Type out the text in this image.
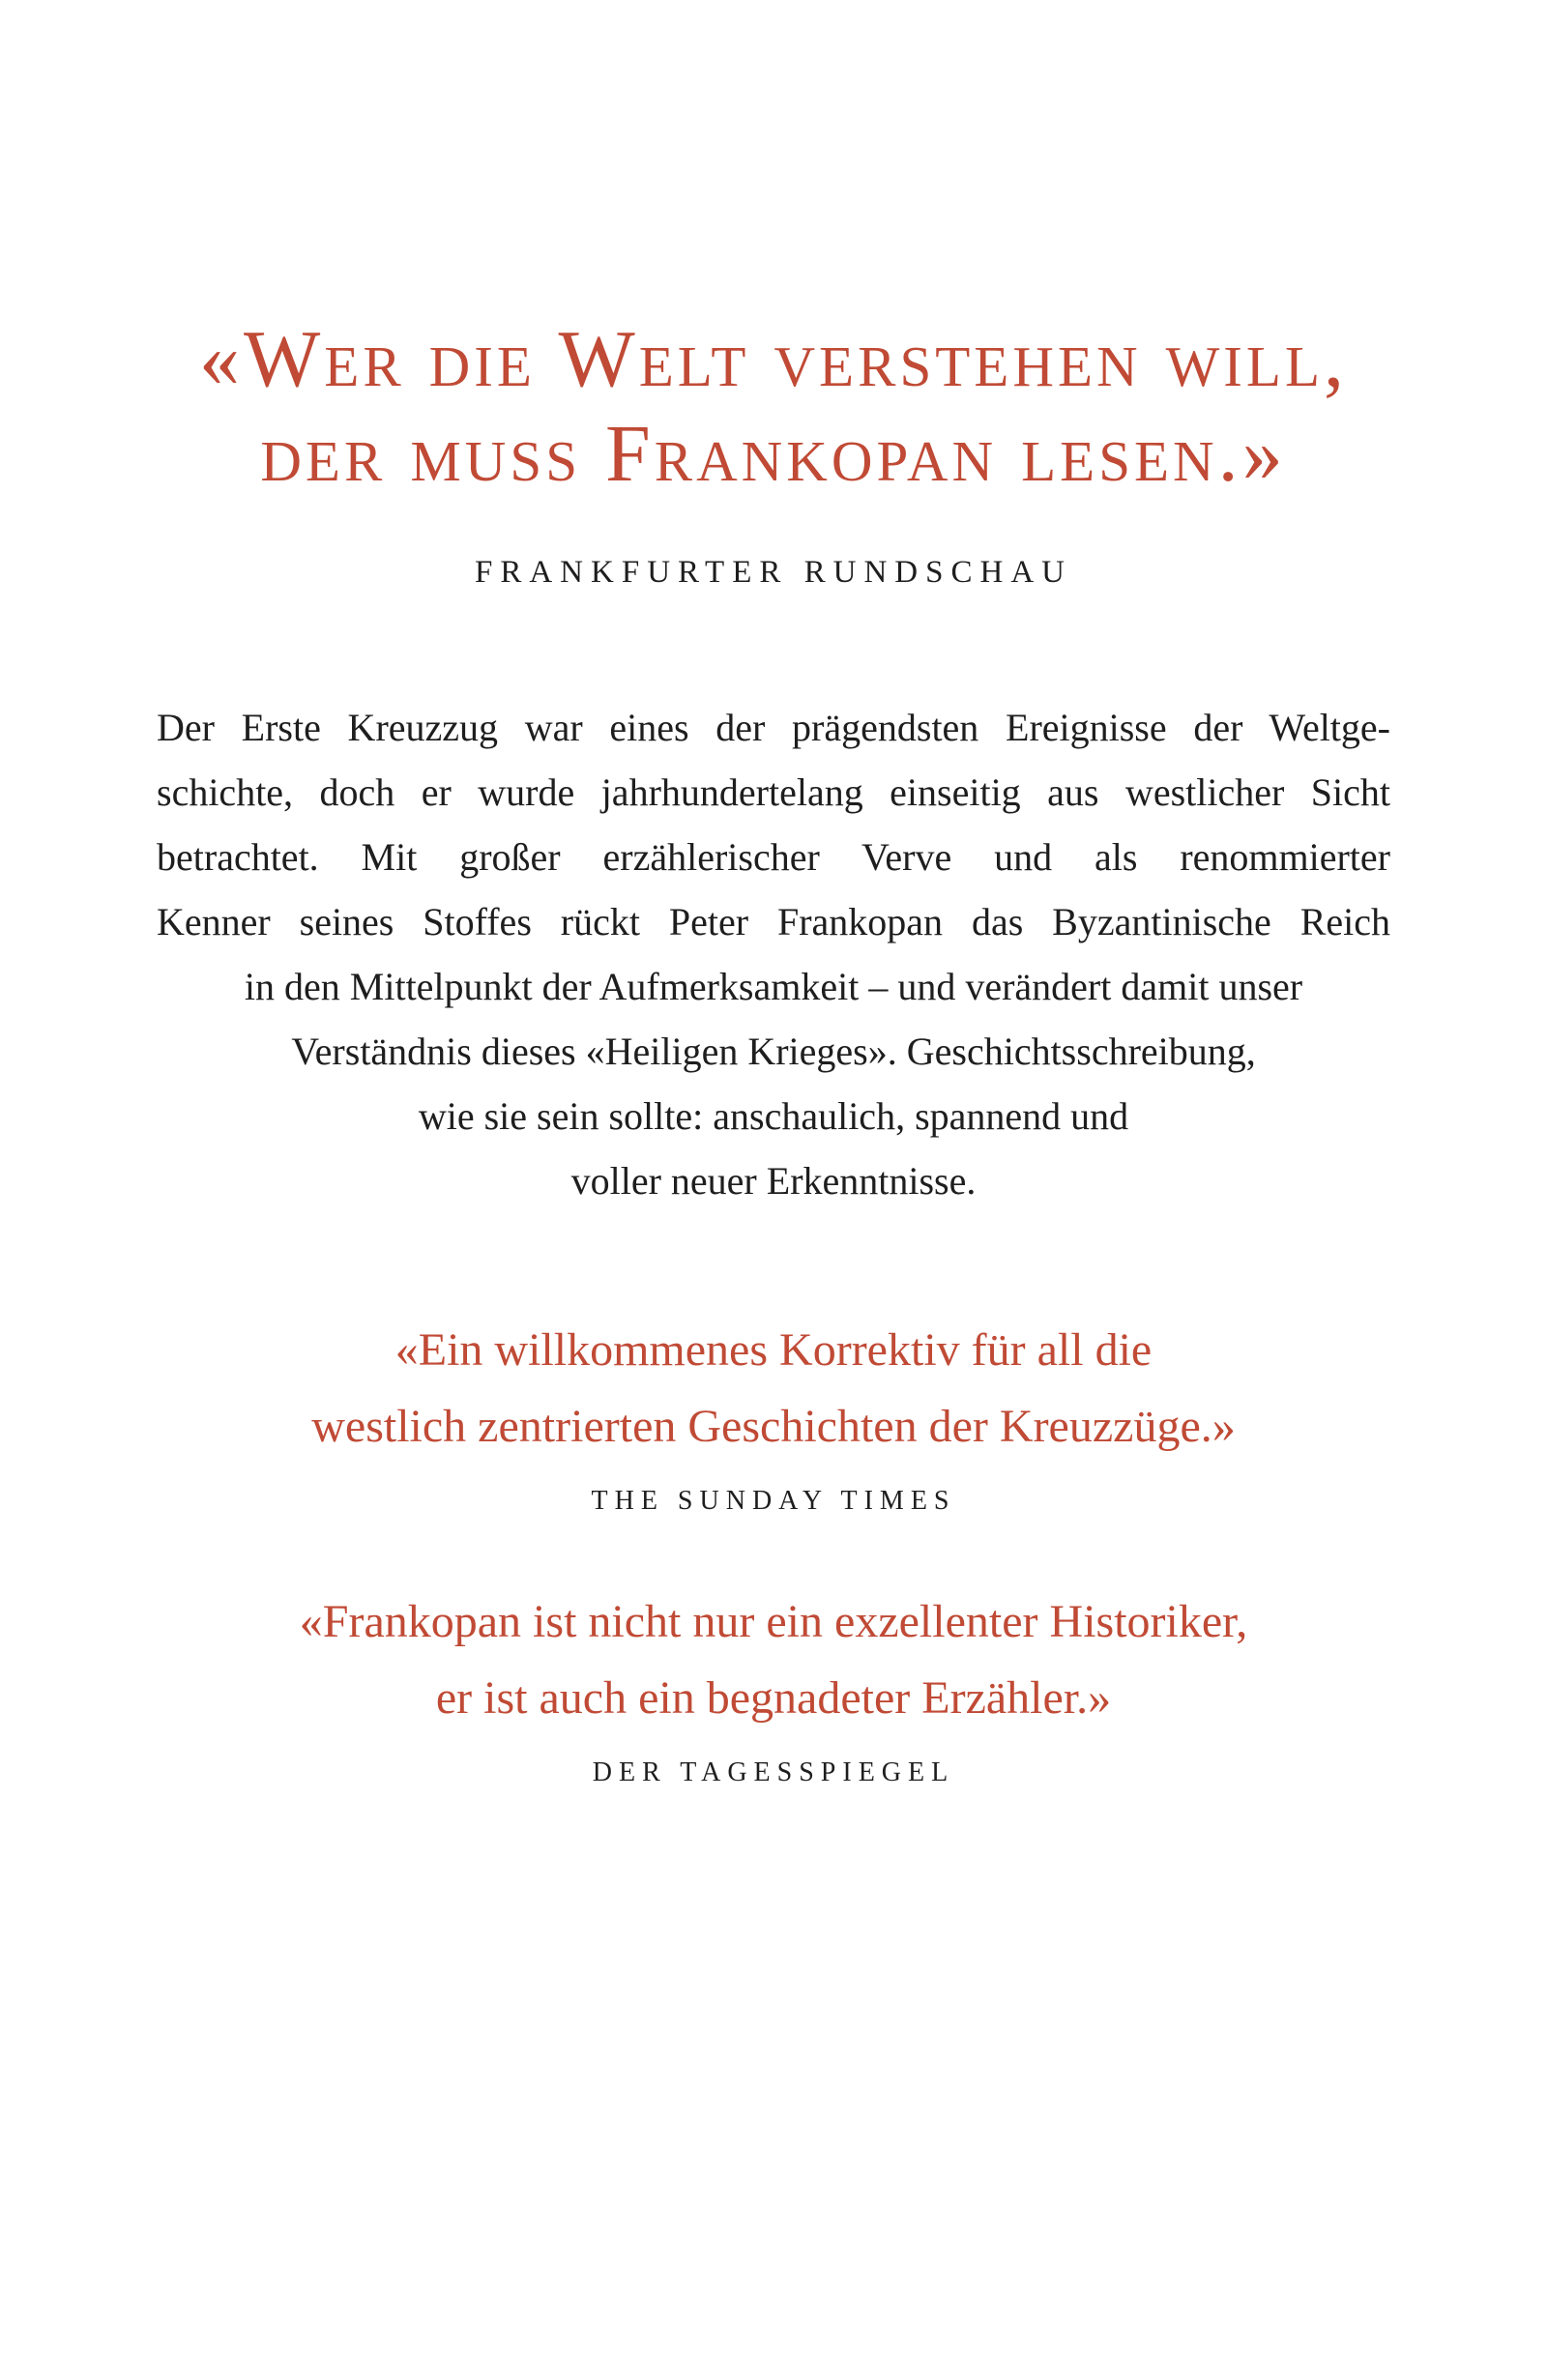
«Wer die Welt verstehen will,
der muss Frankopan lesen.»
FRANKFURTER RUNDSCHAU
Der Erste Kreuzzug war eines der prägendsten Ereignisse der Weltge-
schichte, doch er wurde jahrhundertelang einseitig aus westlicher Sicht
betrachtet. Mit großer erzählerischer Verve und als renommierter
Kenner seines Stoffes rückt Peter Frankopan das Byzantinische Reich
in den Mittelpunkt der Aufmerksamkeit – und verändert damit unser
Verständnis dieses «Heiligen Krieges». Geschichtsschreibung,
wie sie sein sollte: anschaulich, spannend und
voller neuer Erkenntnisse.
«Ein willkommenes Korrektiv für all die
westlich zentrierten Geschichten der Kreuzzüge.»
THE SUNDAY TIMES
«Frankopan ist nicht nur ein exzellenter Historiker,
er ist auch ein begnadeter Erzähler.»
DER TAGESSPIEGEL
